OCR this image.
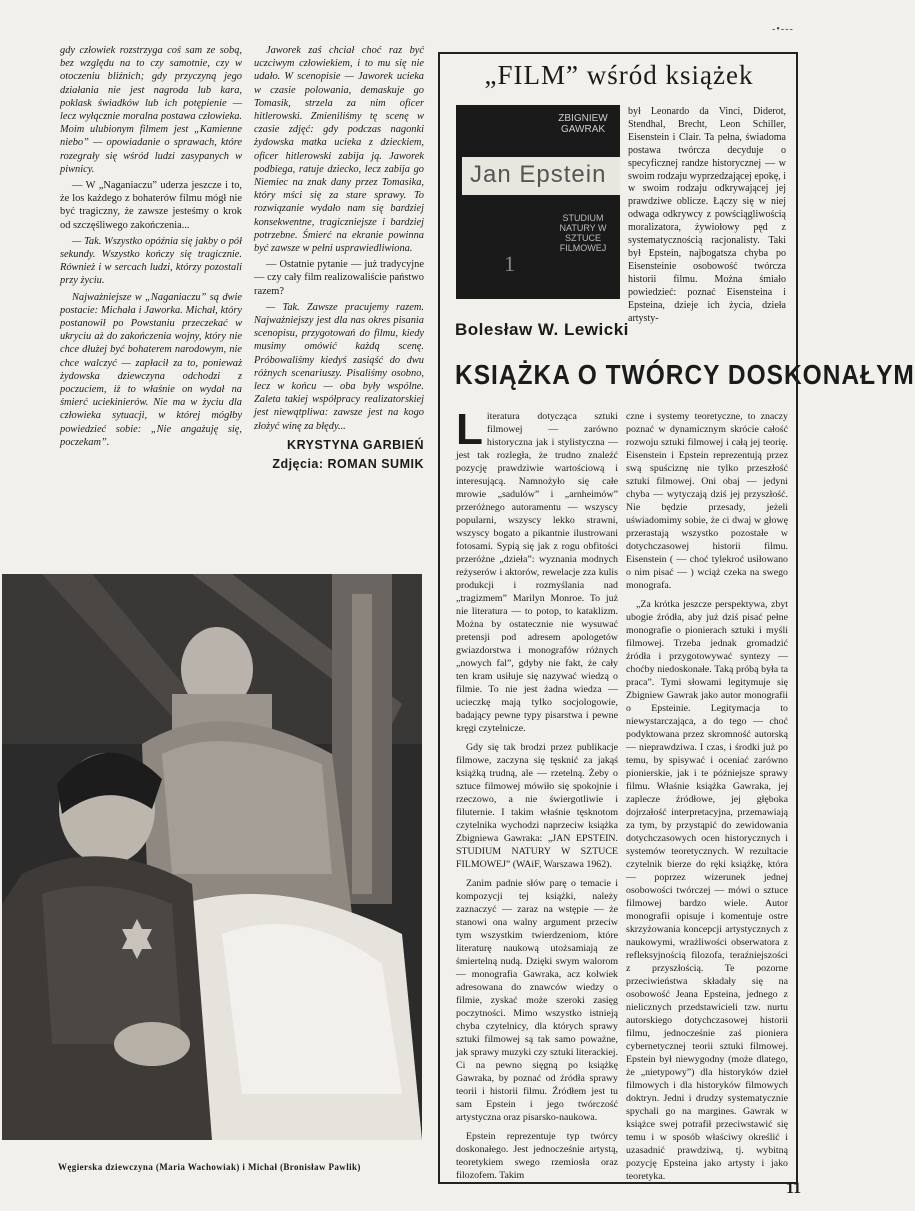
-•---

gdy człowiek rozstrzyga coś sam ze sobą, bez względu na to czy samotnie, czy w otoczeniu bliźnich; gdy przyczyną jego działania nie jest nagroda lub kara, poklask świadków lub ich potępienie — lecz wyłącznie moralna postawa człowieka. Moim ulubionym filmem jest „Kamienne niebo” — opowiadanie o sprawach, które rozegrały się wśród ludzi zasypanych w piwnicy.

— W „Naganiaczu” uderza jeszcze i to, że los każdego z bohaterów filmu mógł nie być tragiczny, że zawsze jesteśmy o krok od szczęśliwego zakończenia...

— Tak. Wszystko opóźnia się jakby o pół sekundy. Wszystko kończy się tragicznie. Również i w sercach ludzi, którzy pozostali przy życiu.

Najważniejsze w „Naganiaczu” są dwie postacie: Michała i Jaworka. Michał, który postanowił po Powstaniu przeczekać w ukryciu aż do zakończenia wojny, który nie chce dłużej być bohaterem narodowym, nie chce walczyć — zapłacił za to, ponieważ żydowska dziewczyna odchodzi z poczuciem, iż to właśnie on wydał na śmierć uciekinierów. Nie ma w życiu dla człowieka sytuacji, w której mógłby powiedzieć sobie: „Nie angażuję się, poczekam”.

Jaworek zaś chciał choć raz być uczciwym człowiekiem, i to mu się nie udało. W scenopisie — Jaworek ucieka w czasie polowania, demaskuje go Tomasik, strzela za nim oficer hitlerowski. Zmieniliśmy tę scenę w czasie zdjęć: gdy podczas nagonki żydowska matka ucieka z dzieckiem, oficer hitlerowski zabija ją. Jaworek podbiega, ratuje dziecko, lecz zabija go Niemiec na znak dany przez Tomasika, który mści się za stare sprawy. To rozwiązanie wydało nam się bardziej konsekwentne, tragiczniejsze i bardziej potrzebne. Śmierć na ekranie powinna być zawsze w pełni usprawiedliwiona.

— Ostatnie pytanie — już tradycyjne — czy cały film realizowaliście państwo razem?

— Tak. Zawsze pracujemy razem. Najważniejszy jest dla nas okres pisania scenopisu, przygotowań do filmu, kiedy musimy omówić każdą scenę. Próbowaliśmy kiedyś zasiąść do dwu różnych scenariuszy. Pisaliśmy osobno, lecz w końcu — oba były wspólne. Zaleta takiej współpracy realizatorskiej jest niewątpliwa: zawsze jest na kogo złożyć winę za błędy...

KRYSTYNA GARBIEŃ
Zdjęcia: ROMAN SUMIK
Węgierska dziewczyna (Maria Wachowiak) i Michał (Bronisław Pawlik)
„FILM” wśród książek
ZBIGNIEW GAWRAK
Jan Epstein
STUDIUM NATURY W SZTUCE FILMOWEJ
1
był Leonardo da Vinci, Diderot, Stendhal, Brecht, Leon Schiller, Eisenstein i Clair. Ta pełna, świadoma postawa twórcza decyduje o specyficznej randze historycznej — w swoim rodzaju wyprzedzającej epokę, i w swoim rodzaju odkrywającej jej prawdziwe oblicze. Łączy się w niej odwaga odkrywcy z powściągliwością moralizatora, żywiołowy pęd z systematycznością racjonalisty. Taki był Epstein, najbogatsza chyba po Eisensteinie osobowość twórcza historii filmu. Można śmiało powiedzieć: poznać Eisensteina i Epsteina, dzieje ich życia, dzieła artysty-
Bolesław W. Lewicki
KSIĄŻKA O TWÓRCY DOSKONAŁYM

Literatura dotycząca sztuki filmowej — zarówno historyczna jak i stylistyczna — jest tak rozległa, że trudno znaleźć pozycję prawdziwie wartościową i interesującą. Namnożyło się całe mrowie „sadulów” i „arnheimów” przeróżnego autoramentu — wszyscy popularni, wszyscy lekko strawni, wszyscy bogato a pikantnie ilustrowani fotosami. Sypią się jak z rogu obfitości przeróżne „dzieła”: wyznania modnych reżyserów i aktorów, rewelacje zza kulis produkcji i rozmyślania nad „tragizmem” Marilyn Monroe. To już nie literatura — to potop, to kataklizm. Można by ostatecznie nie wysuwać pretensji pod adresem apologetów gwiazdorstwa i monografów różnych „nowych fal”, gdyby nie fakt, że cały ten kram usiłuje się nazywać wiedzą o filmie. To nie jest żadna wiedza — ucieczkę mają tylko socjologowie, badający pewne typy pisarstwa i pewne kręgi czytelnicze.

Gdy się tak brodzi przez publikacje filmowe, zaczyna się tęsknić za jakąś książką trudną, ale — rzetelną. Żeby o sztuce filmowej mówiło się spokojnie i rzeczowo, a nie świergotliwie i filuternie. I takim właśnie tęsknotom czytelnika wychodzi naprzeciw książka Zbigniewa Gawraka: „JAN EPSTEIN. STUDIUM NATURY W SZTUCE FILMOWEJ” (WAiF, Warszawa 1962).

Zanim padnie słów parę o temacie i kompozycji tej książki, należy zaznaczyć — zaraz na wstępie — że stanowi ona walny argument przeciw tym wszystkim twierdzeniom, które literaturę naukową utożsamiają ze śmiertelną nudą. Dzięki swym walorom — monografia Gawraka, acz kolwiek adresowana do znawców wiedzy o filmie, zyskać może szeroki zasięg poczytności. Mimo wszystko istnieją chyba czytelnicy, dla których sprawy sztuki filmowej są tak samo poważne, jak sprawy muzyki czy sztuki literackiej. Ci na pewno sięgną po książkę Gawraka, by poznać od źródła sprawy teorii i historii filmu. Źródłem jest tu sam Epstein i jego twórczość artystyczna oraz pisarsko-naukowa.

Epstein reprezentuje typ twórcy doskonałego. Jest jednocześnie artystą, teoretykiem swego rzemiosła oraz filozofem. Takim

czne i systemy teoretyczne, to znaczy poznać w dynamicznym skrócie całość rozwoju sztuki filmowej i całą jej teorię. Eisenstein i Epstein reprezentują przez swą spuściznę nie tylko przeszłość sztuki filmowej. Oni obaj — jedyni chyba — wytyczają dziś jej przyszłość. Nie będzie przesady, jeżeli uświadomimy sobie, że ci dwaj w głowę przerastają wszystko pozostałe w dotychczasowej historii filmu. Eisenstein ( — choć tylekroć usiłowano o nim pisać — ) wciąż czeka na swego monografa.

„Za krótka jeszcze perspektywa, zbyt ubogie źródła, aby już dziś pisać pełne monografie o pionierach sztuki i myśli filmowej. Trzeba jednak gromadzić źródła i przygotowywać syntezy — choćby niedoskonałe. Taką próbą była ta praca”. Tymi słowami legitymuje się Zbigniew Gawrak jako autor monografii o Epsteinie. Legitymacja to niewystarczająca, a do tego — choć podyktowana przez skromność autorską — nieprawdziwa. I czas, i środki już po temu, by spisywać i oceniać zarówno pionierskie, jak i te późniejsze sprawy filmu. Właśnie książka Gawraka, jej zaplecze źródłowe, jej głęboka dojrzałość interpretacyjna, przemawiają za tym, by przystąpić do zewidowania dotychczasowych ocen historycznych i systemów teoretycznych. W rezultacie czytelnik bierze do ręki książkę, która — poprzez wizerunek jednej osobowości twórczej — mówi o sztuce filmowej bardzo wiele. Autor monografii opisuje i komentuje ostre skrzyżowania koncepcji artystycznych z naukowymi, wrażliwości obserwatora z refleksyjnością filozofa, teraźniejszości z przyszłością. Te pozorne przeciwieństwa składały się na osobowość Jeana Epsteina, jednego z nielicznych przedstawicieli tzw. nurtu autorskiego dotychczasowej historii filmu, jednocześnie zaś pioniera cybernetycznej teorii sztuki filmowej. Epstein był niewygodny (może dlatego, że „nietypowy”) dla historyków dzieł filmowych i dla historyków filmowych doktryn. Jedni i drudzy systematycznie spychali go na margines. Gawrak w książce swej potrafił przeciwstawić się temu i w sposób właściwy określić i uzasadnić prawdziwą, tj. wybitną pozycję Epsteina jako artysty i jako teoretyka.

11
